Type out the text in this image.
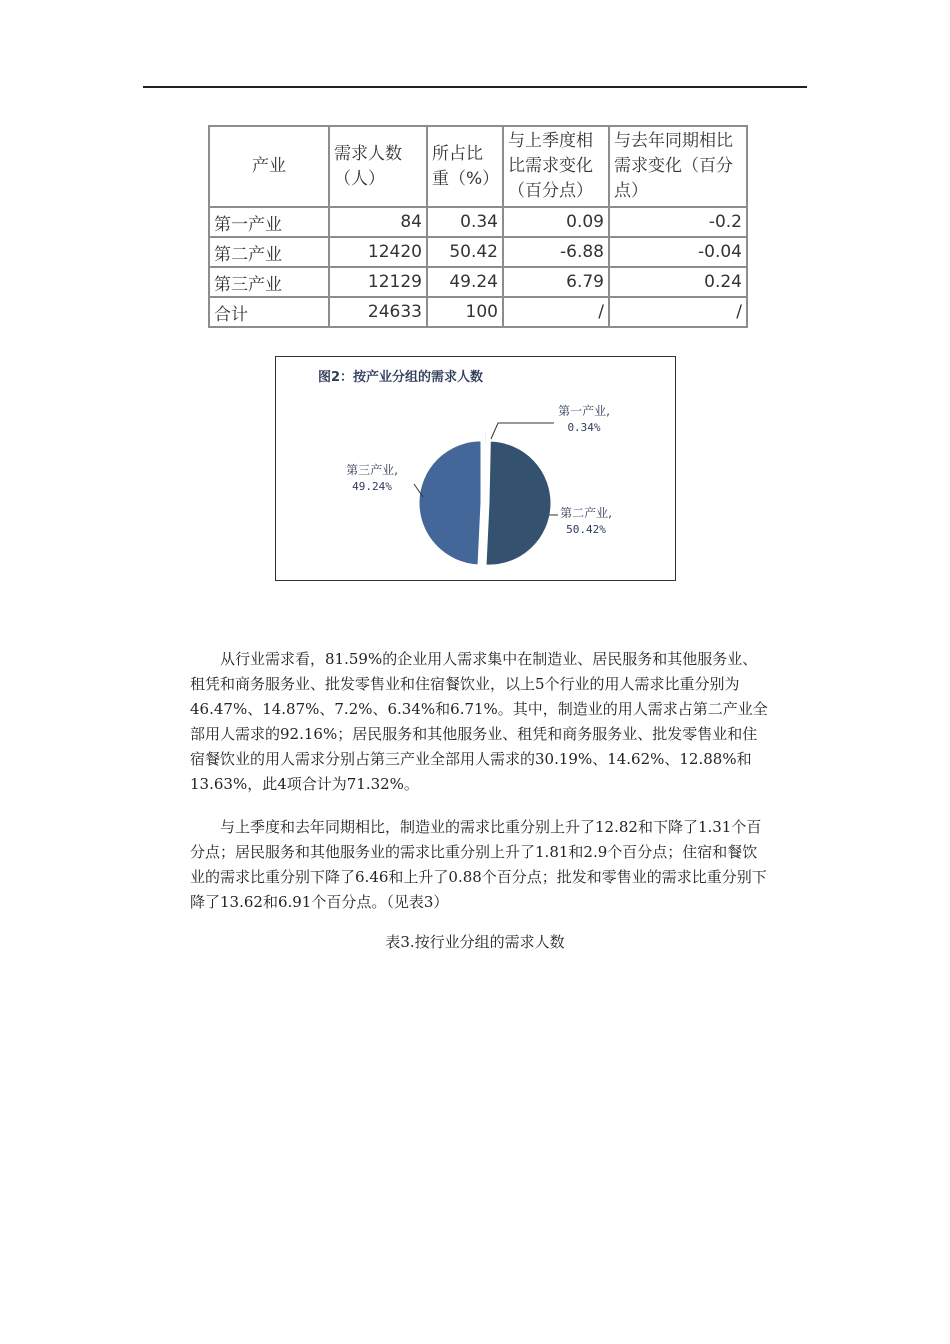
产业	需求人数（人）	所占比重（%）	与上季度相比需求变化（百分点）	与去年同期相比需求变化（百分点）
第一产业	84	0.34	0.09	-0.2
第二产业	12420	50.42	-6.88	-0.04
第三产业	12129	49.24	6.79	0.24
合计	24633	100	/	/
图2：按产业分组的需求人数
第一产业,
0.34%
第二产业,
50.42%
第三产业,
49.24%

从行业需求看，81.59%的企业用人需求集中在制造业、居民服务和其他服务业、租凭和商务服务业、批发零售业和住宿餐饮业，以上5个行业的用人需求比重分别为46.47%、14.87%、7.2%、6.34%和6.71%。其中，制造业的用人需求占第二产业全部用人需求的92.16%；居民服务和其他服务业、租凭和商务服务业、批发零售业和住宿餐饮业的用人需求分别占第三产业全部用人需求的30.19%、14.62%、12.88%和13.63%，此4项合计为71.32%。

与上季度和去年同期相比，制造业的需求比重分别上升了12.82和下降了1.31个百分点；居民服务和其他服务业的需求比重分别上升了1.81和2.9个百分点；住宿和餐饮业的需求比重分别下降了6.46和上升了0.88个百分点；批发和零售业的需求比重分别下降了13.62和6.91个百分点。（见表3）

表3.按行业分组的需求人数
